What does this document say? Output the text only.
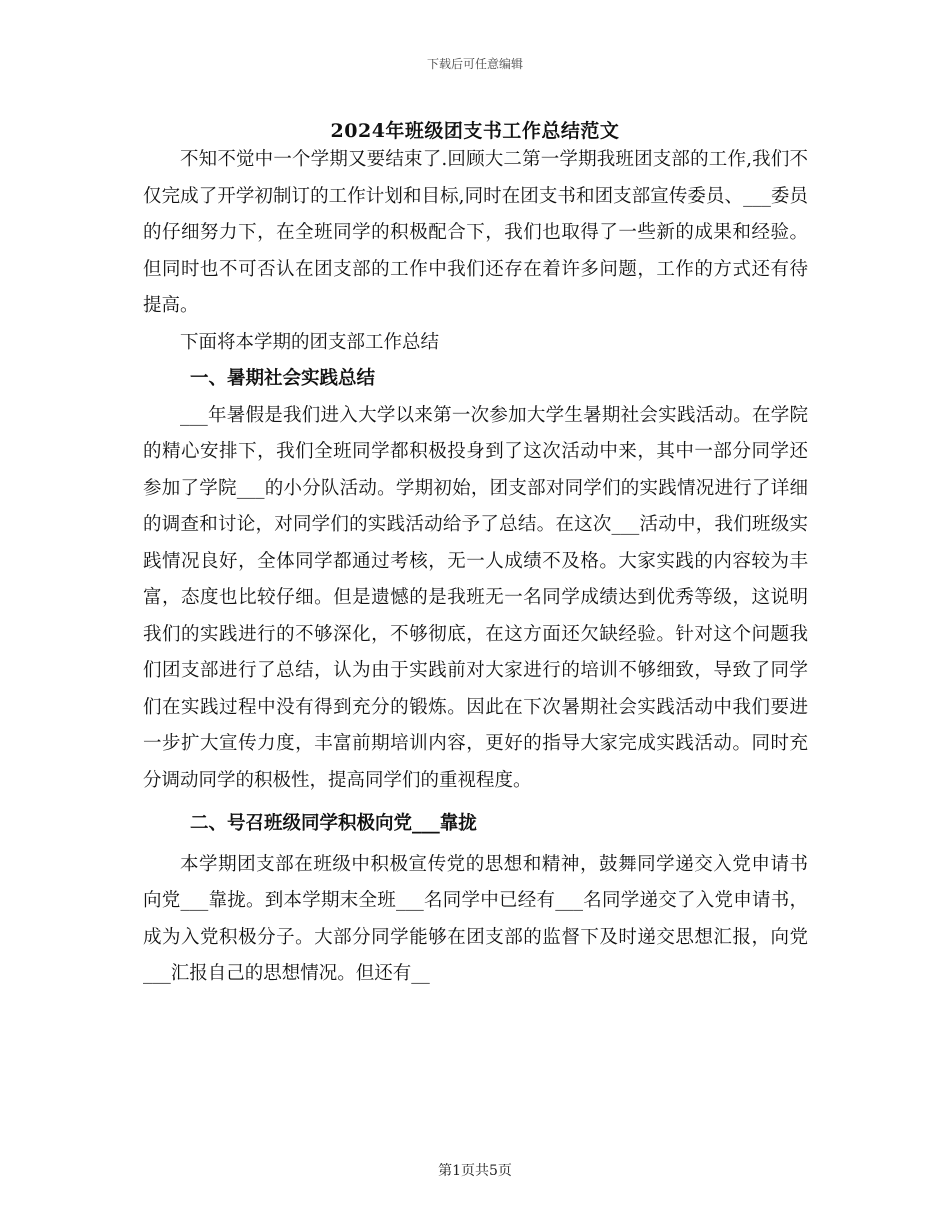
下载后可任意编辑
2024年班级团支书工作总结范文

不知不觉中一个学期又要结束了.回顾大二第一学期我班团支部的工作,我们不仅完成了开学初制订的工作计划和目标,同时在团支书和团支部宣传委员、___委员的仔细努力下，在全班同学的积极配合下，我们也取得了一些新的成果和经验。但同时也不可否认在团支部的工作中我们还存在着许多问题，工作的方式还有待提高。

下面将本学期的团支部工作总结

一、暑期社会实践总结

___年暑假是我们进入大学以来第一次参加大学生暑期社会实践活动。在学院的精心安排下，我们全班同学都积极投身到了这次活动中来，其中一部分同学还参加了学院___的小分队活动。学期初始，团支部对同学们的实践情况进行了详细的调查和讨论，对同学们的实践活动给予了总结。在这次___活动中，我们班级实践情况良好，全体同学都通过考核，无一人成绩不及格。大家实践的内容较为丰富，态度也比较仔细。但是遗憾的是我班无一名同学成绩达到优秀等级，这说明我们的实践进行的不够深化，不够彻底，在这方面还欠缺经验。针对这个问题我们团支部进行了总结，认为由于实践前对大家进行的培训不够细致，导致了同学们在实践过程中没有得到充分的锻炼。因此在下次暑期社会实践活动中我们要进一步扩大宣传力度，丰富前期培训内容，更好的指导大家完成实践活动。同时充分调动同学的积极性，提高同学们的重视程度。

二、号召班级同学积极向党___靠拢

本学期团支部在班级中积极宣传党的思想和精神，鼓舞同学递交入党申请书向党___靠拢。到本学期末全班___名同学中已经有___名同学递交了入党申请书，成为入党积极分子。大部分同学能够在团支部的监督下及时递交思想汇报，向党___汇报自己的思想情况。但还有__

第1页共5页
